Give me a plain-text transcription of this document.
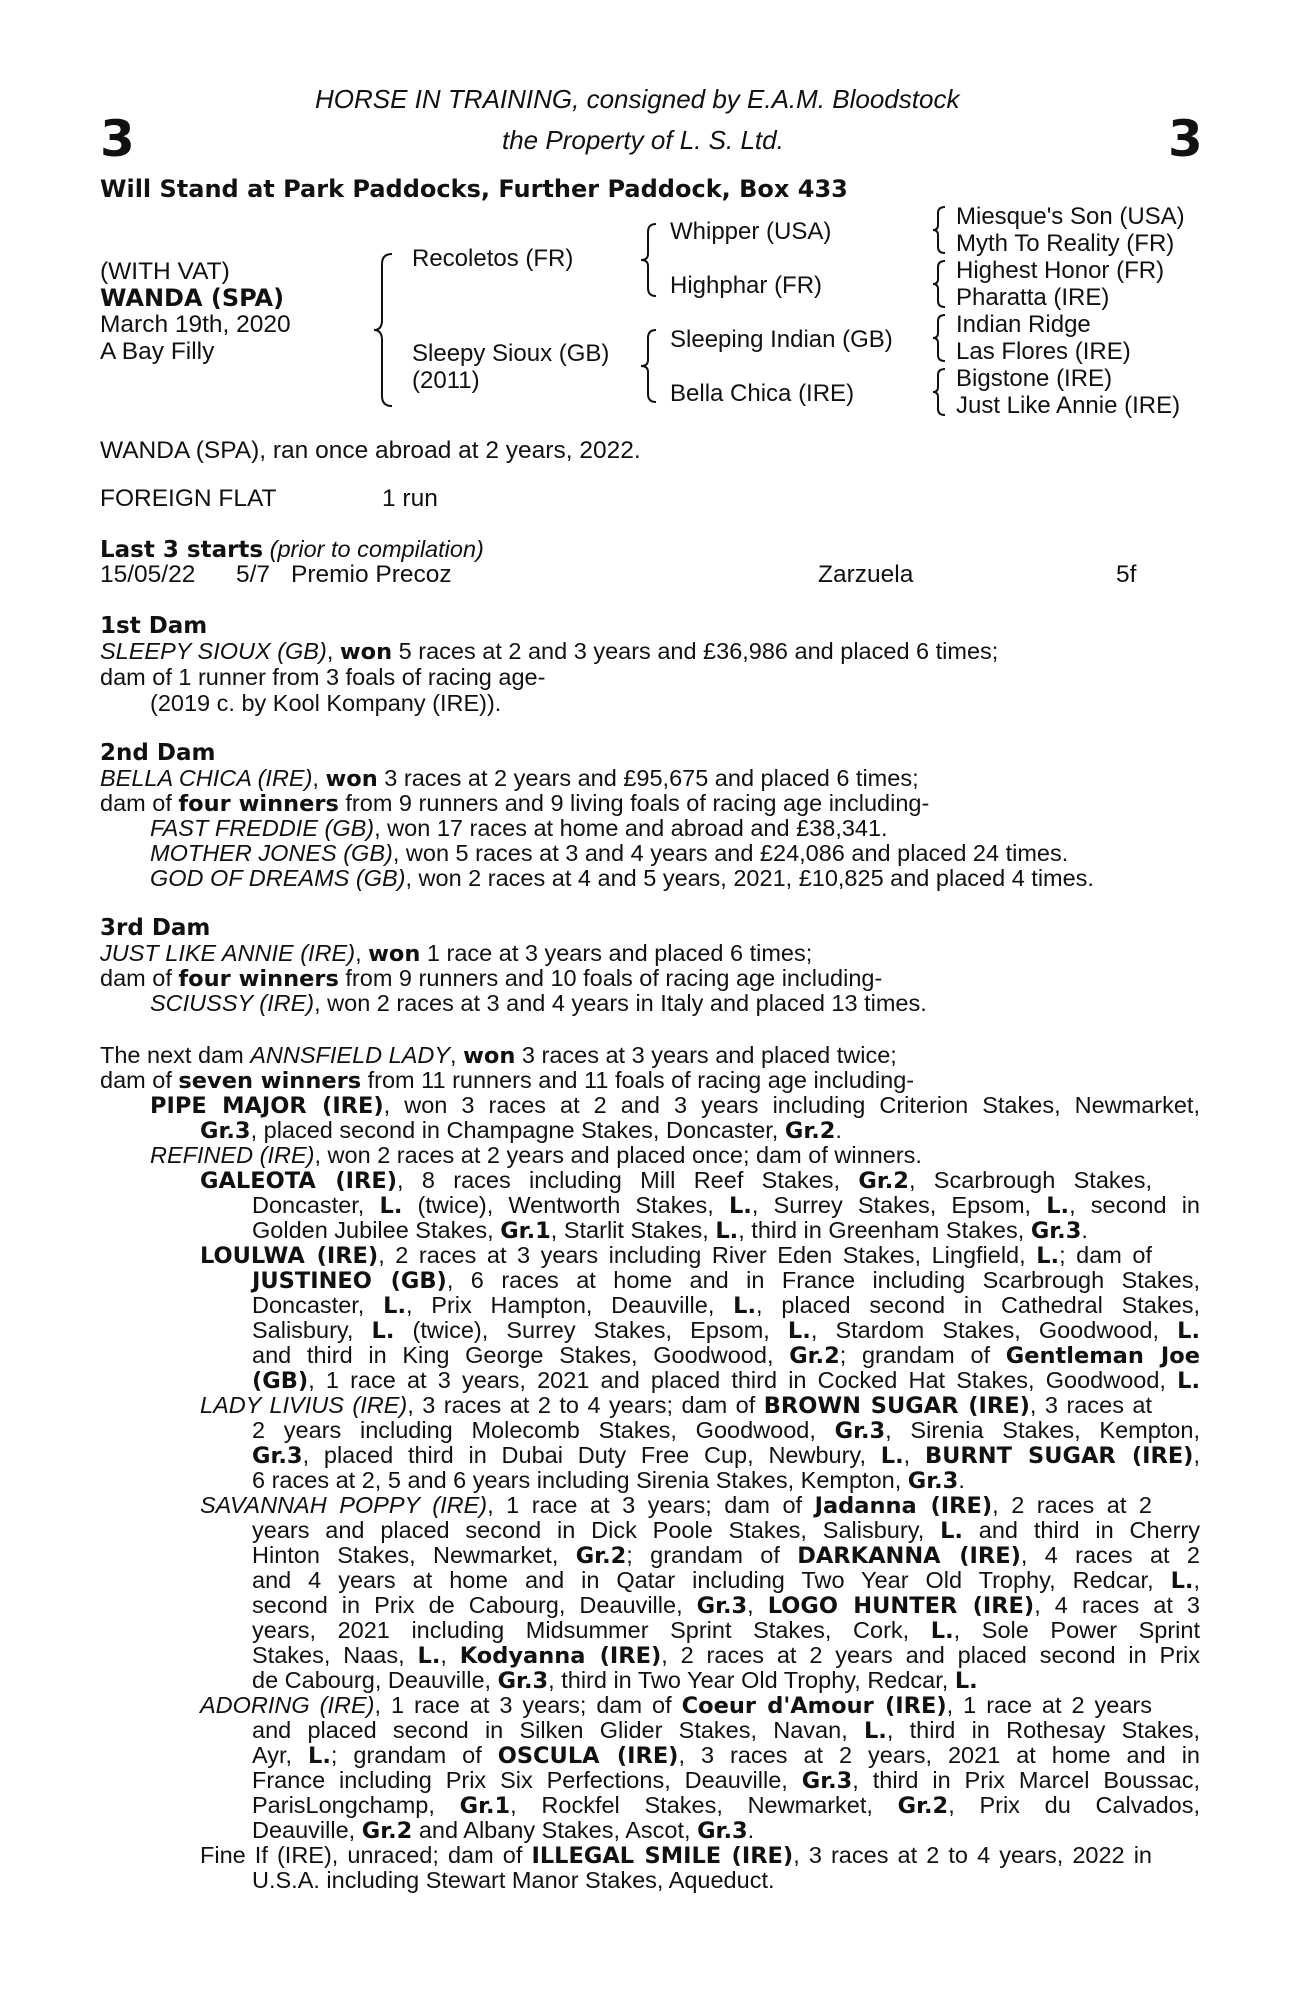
HORSE IN TRAINING, consigned by E.A.M. Bloodstock
3	the Property of L. S. Ltd.	3
Will Stand at Park Paddocks, Further Paddock, Box 433
(WITH VAT)
WANDA (SPA)
March 19th, 2020
A Bay Filly
Recoletos (FR)
Sleepy Sioux (GB)
(2011)
Whipper (USA)
Highphar (FR)
Sleeping Indian (GB)
Bella Chica (IRE)
Miesque's Son (USA)
Myth To Reality (FR)
Highest Honor (FR)
Pharatta (IRE)
Indian Ridge
Las Flores (IRE)
Bigstone (IRE)
Just Like Annie (IRE)
WANDA (SPA), ran once abroad at 2 years, 2022.
FOREIGN FLAT	1 run
Last 3 starts (prior to compilation)
15/05/22 5/7 Premio Precoz	Zarzuela	5f
1st Dam
SLEEPY SIOUX (GB), won 5 races at 2 and 3 years and £36,986 and placed 6 times;
dam of 1 runner from 3 foals of racing age-
(2019 c. by Kool Kompany (IRE)).
2nd Dam
BELLA CHICA (IRE), won 3 races at 2 years and £95,675 and placed 6 times;
dam of four winners from 9 runners and 9 living foals of racing age including-
FAST FREDDIE (GB), won 17 races at home and abroad and £38,341.
MOTHER JONES (GB), won 5 races at 3 and 4 years and £24,086 and placed 24 times.
GOD OF DREAMS (GB), won 2 races at 4 and 5 years, 2021, £10,825 and placed 4 times.
3rd Dam
JUST LIKE ANNIE (IRE), won 1 race at 3 years and placed 6 times;
dam of four winners from 9 runners and 10 foals of racing age including-
SCIUSSY (IRE), won 2 races at 3 and 4 years in Italy and placed 13 times.
The next dam ANNSFIELD LADY, won 3 races at 3 years and placed twice;
dam of seven winners from 11 runners and 11 foals of racing age including-
PIPE MAJOR (IRE), won 3 races at 2 and 3 years including Criterion Stakes, Newmarket,
Gr.3, placed second in Champagne Stakes, Doncaster, Gr.2.
REFINED (IRE), won 2 races at 2 years and placed once; dam of winners.
GALEOTA (IRE), 8 races including Mill Reef Stakes, Gr.2, Scarbrough Stakes,
Doncaster, L. (twice), Wentworth Stakes, L., Surrey Stakes, Epsom, L., second in
Golden Jubilee Stakes, Gr.1, Starlit Stakes, L., third in Greenham Stakes, Gr.3.
LOULWA (IRE), 2 races at 3 years including River Eden Stakes, Lingfield, L.; dam of
JUSTINEO (GB), 6 races at home and in France including Scarbrough Stakes,
Doncaster, L., Prix Hampton, Deauville, L., placed second in Cathedral Stakes,
Salisbury, L. (twice), Surrey Stakes, Epsom, L., Stardom Stakes, Goodwood, L.
and third in King George Stakes, Goodwood, Gr.2; grandam of Gentleman Joe
(GB), 1 race at 3 years, 2021 and placed third in Cocked Hat Stakes, Goodwood, L.
LADY LIVIUS (IRE), 3 races at 2 to 4 years; dam of BROWN SUGAR (IRE), 3 races at
2 years including Molecomb Stakes, Goodwood, Gr.3, Sirenia Stakes, Kempton,
Gr.3, placed third in Dubai Duty Free Cup, Newbury, L., BURNT SUGAR (IRE),
6 races at 2, 5 and 6 years including Sirenia Stakes, Kempton, Gr.3.
SAVANNAH POPPY (IRE), 1 race at 3 years; dam of Jadanna (IRE), 2 races at 2
years and placed second in Dick Poole Stakes, Salisbury, L. and third in Cherry
Hinton Stakes, Newmarket, Gr.2; grandam of DARKANNA (IRE), 4 races at 2
and 4 years at home and in Qatar including Two Year Old Trophy, Redcar, L.,
second in Prix de Cabourg, Deauville, Gr.3, LOGO HUNTER (IRE), 4 races at 3
years, 2021 including Midsummer Sprint Stakes, Cork, L., Sole Power Sprint
Stakes, Naas, L., Kodyanna (IRE), 2 races at 2 years and placed second in Prix
de Cabourg, Deauville, Gr.3, third in Two Year Old Trophy, Redcar, L.
ADORING (IRE), 1 race at 3 years; dam of Coeur d'Amour (IRE), 1 race at 2 years
and placed second in Silken Glider Stakes, Navan, L., third in Rothesay Stakes,
Ayr, L.; grandam of OSCULA (IRE), 3 races at 2 years, 2021 at home and in
France including Prix Six Perfections, Deauville, Gr.3, third in Prix Marcel Boussac,
ParisLongchamp, Gr.1, Rockfel Stakes, Newmarket, Gr.2, Prix du Calvados,
Deauville, Gr.2 and Albany Stakes, Ascot, Gr.3.
Fine If (IRE), unraced; dam of ILLEGAL SMILE (IRE), 3 races at 2 to 4 years, 2022 in
U.S.A. including Stewart Manor Stakes, Aqueduct.
